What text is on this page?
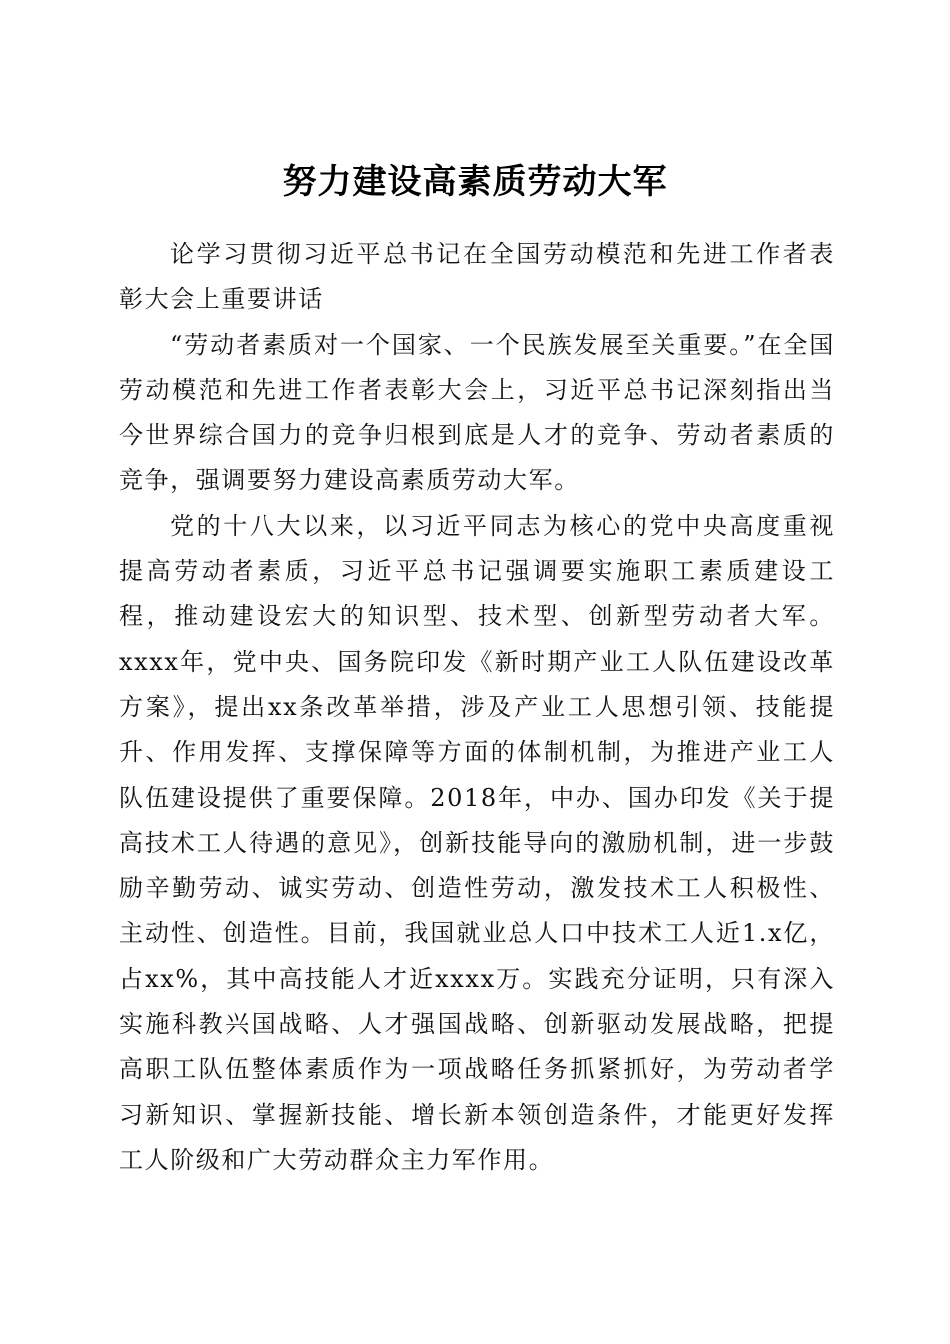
努力建设高素质劳动大军

论学习贯彻习近平总书记在全国劳动模范和先进工作者表彰大会上重要讲话

“劳动者素质对一个国家、一个民族发展至关重要。”在全国劳动模范和先进工作者表彰大会上，习近平总书记深刻指出当今世界综合国力的竞争归根到底是人才的竞争、劳动者素质的竞争，强调要努力建设高素质劳动大军。

党的十八大以来，以习近平同志为核心的党中央高度重视提高劳动者素质，习近平总书记强调要实施职工素质建设工程，推动建设宏大的知识型、技术型、创新型劳动者大军。xxxx年，党中央、国务院印发《新时期产业工人队伍建设改革方案》，提出xx条改革举措，涉及产业工人思想引领、技能提升、作用发挥、支撑保障等方面的体制机制，为推进产业工人队伍建设提供了重要保障。2018年，中办、国办印发《关于提高技术工人待遇的意见》，创新技能导向的激励机制，进一步鼓励辛勤劳动、诚实劳动、创造性劳动，激发技术工人积极性、主动性、创造性。目前，我国就业总人口中技术工人近1.x亿，占xx%，其中高技能人才近xxxx万。实践充分证明，只有深入实施科教兴国战略、人才强国战略、创新驱动发展战略，把提高职工队伍整体素质作为一项战略任务抓紧抓好，为劳动者学习新知识、掌握新技能、增长新本领创造条件，才能更好发挥工人阶级和广大劳动群众主力军作用。
